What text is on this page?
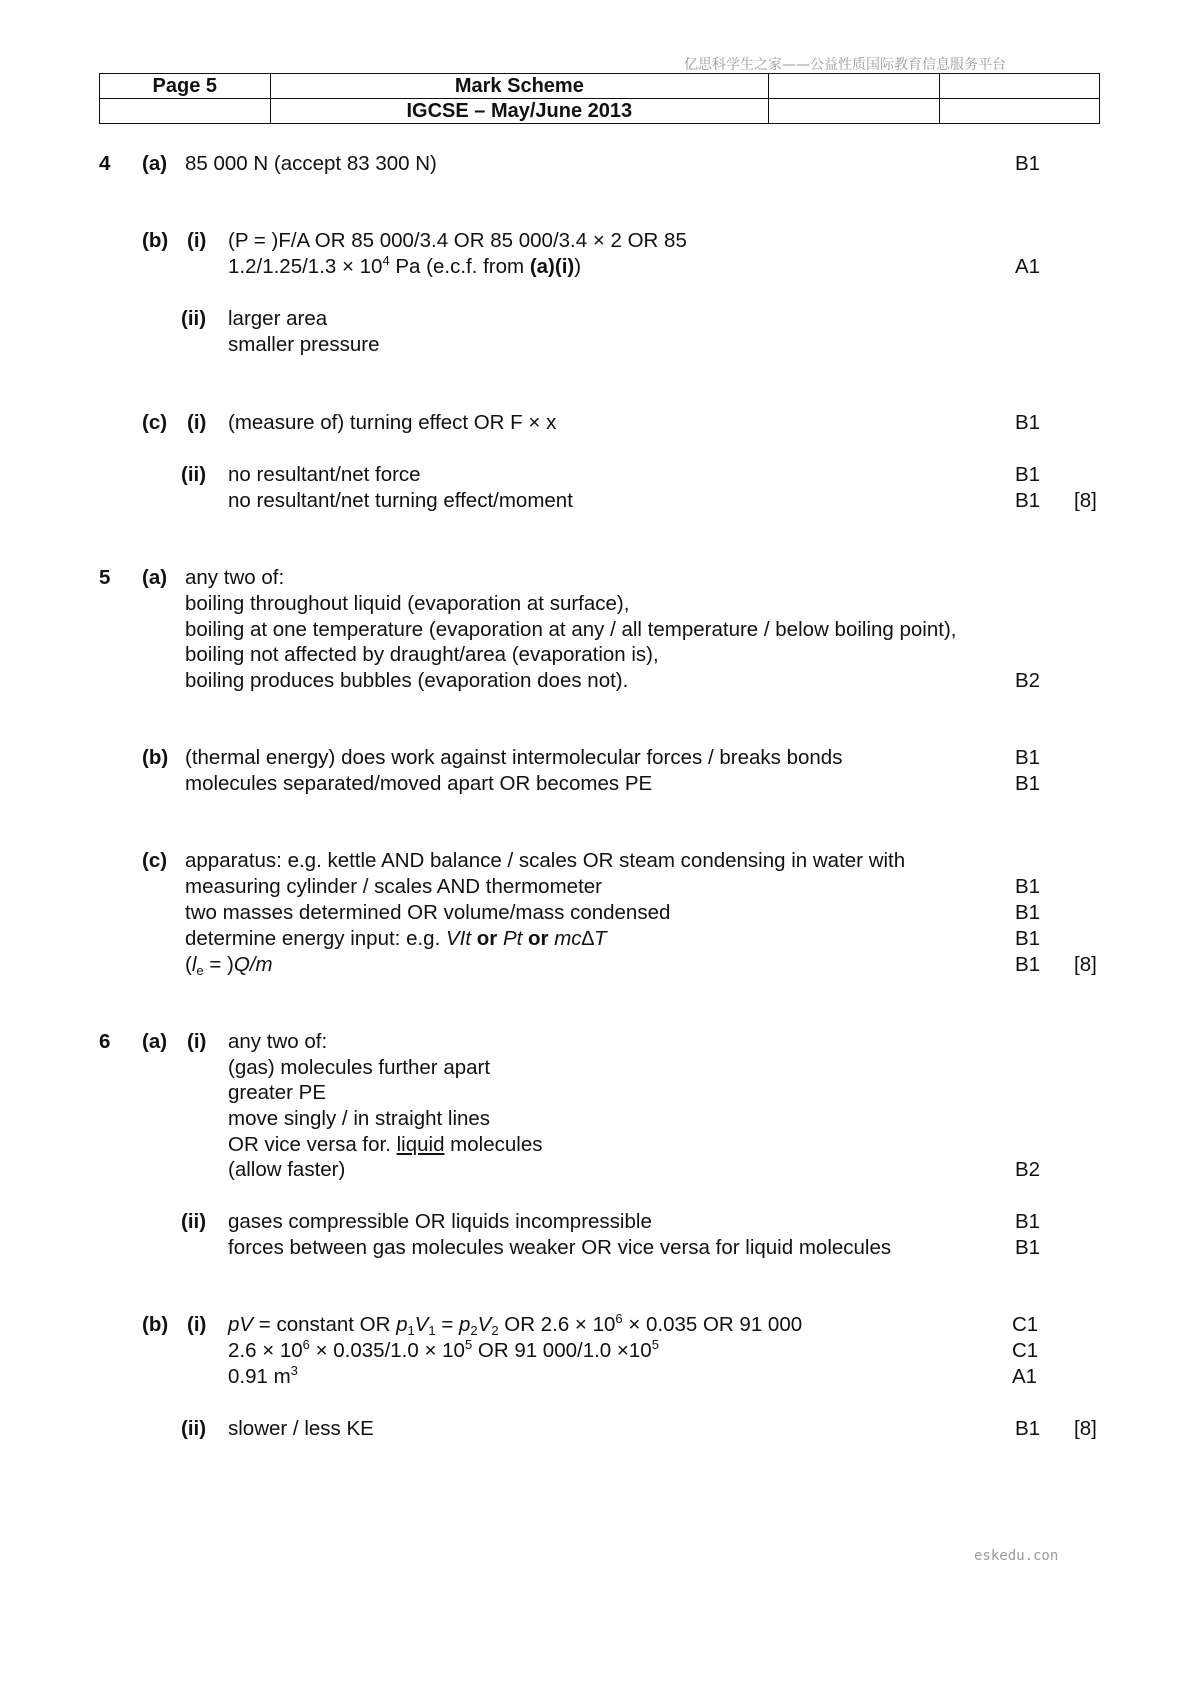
亿思科学生之家——公益性质国际教育信息服务平台
Page 5	Mark Scheme		
	IGCSE – May/June 2013		
4 (a) 85 000 N (accept 83 300 N)	B1
(b) (i) (P = )F/A OR 85 000/3.4 OR 85 000/3.4 × 2 OR 85
$1.2/1.25/1.3 \times 10^4$ Pa (e.c.f. from (a)(i))	A1
(ii) larger area
smaller pressure
(c) (i) (measure of) turning effect OR F × x	B1
(ii) no resultant/net force	B1
no resultant/net turning effect/moment	B1 [8]
5 (a) any two of:
boiling throughout liquid (evaporation at surface),
boiling at one temperature (evaporation at any / all temperature / below boiling point),
boiling not affected by draught/area (evaporation is),
boiling produces bubbles (evaporation does not).	B2
(b) (thermal energy) does work against intermolecular forces / breaks bonds	B1
molecules separated/moved apart OR becomes PE	B1
(c) apparatus: e.g. kettle AND balance / scales OR steam condensing in water with
measuring cylinder / scales AND thermometer	B1
two masses determined OR volume/mass condensed	B1
determine energy input: e.g. VIt or Pt or mc∆T	B1
$(l_e = )Q/m$	B1 [8]
6 (a) (i) any two of:
(gas) molecules further apart
greater PE
move singly / in straight lines
OR vice versa for. liquid molecules
(allow faster)	B2
(ii) gases compressible OR liquids incompressible	B1
forces between gas molecules weaker OR vice versa for liquid molecules	B1
(b) (i) pV = constant OR $p_1V_1 = p_2V_2$ OR $2.6 \times 10^6 \times 0.035$ OR 91 000	C1
$2.6 \times 10^6 \times 0.035/1.0 \times 10^5$ OR 91 $000/1.0 \times 10^5$	C1
0.91 $m^3$	A1
(ii) slower / less KE	B1 [8]
eskedu.con
